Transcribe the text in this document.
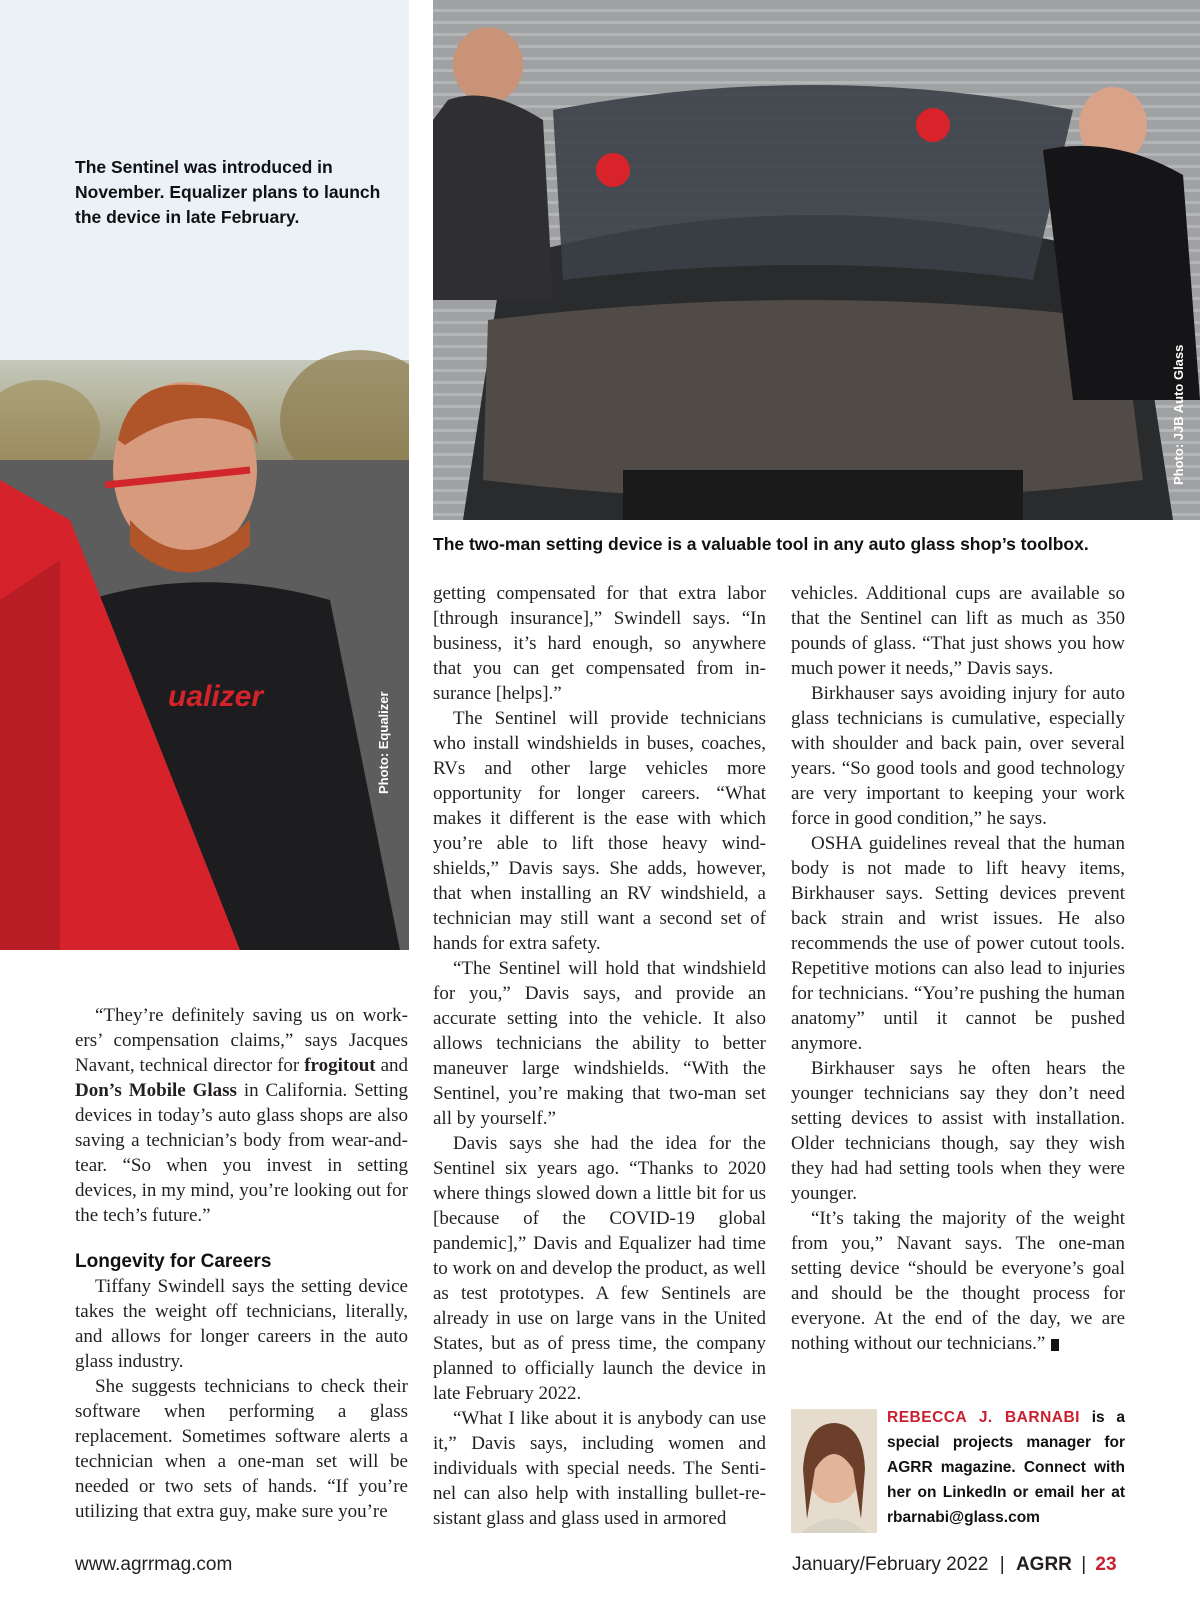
ualizer	Photo: Equalizer
The Sentinel was introduced in November. Equalizer plans to launch the device in late February.
Photo: JJB Auto Glass
The two-man setting device is a valuable tool in any auto glass shop’s toolbox.

“They’re definitely saving us on workers’ compensation claims,” says Jacques Navant, technical director for frogitout and Don’s Mobile Glass in California. Setting devices in today’s auto glass shops are also saving a technician’s body from wear-and-tear. “So when you invest in setting devices, in my mind, you’re looking out for the tech’s future.”

Longevity for Careers

Tiffany Swindell says the setting device takes the weight off technicians, literally, and allows for longer careers in the auto glass industry.

She suggests technicians to check their software when performing a glass replacement. Sometimes software alerts a technician when a one-man set will be needed or two sets of hands. “If you’re utilizing that extra guy, make sure you’re

getting compensated for that extra labor [through insurance],” Swindell says. “In business, it’s hard enough, so anywhere that you can get compensated from insurance [helps].”

The Sentinel will provide technicians who install windshields in buses, coaches, RVs and other large vehicles more opportunity for longer careers. “What makes it different is the ease with which you’re able to lift those heavy windshields,” Davis says. She adds, however, that when installing an RV windshield, a technician may still want a second set of hands for extra safety.

“The Sentinel will hold that windshield for you,” Davis says, and provide an accurate setting into the vehicle. It also allows technicians the ability to better maneuver large windshields. “With the Sentinel, you’re making that two-man set all by yourself.”

Davis says she had the idea for the Sentinel six years ago. “Thanks to 2020 where things slowed down a little bit for us [because of the COVID-19 global pandemic],” Davis and Equalizer had time to work on and develop the product, as well as test prototypes. A few Sentinels are already in use on large vans in the United States, but as of press time, the company planned to officially launch the device in late February 2022.

“What I like about it is anybody can use it,” Davis says, including women and individuals with special needs. The Sentinel can also help with installing bullet-resistant glass and glass used in armored

vehicles. Additional cups are available so that the Sentinel can lift as much as 350 pounds of glass. “That just shows you how much power it needs,” Davis says.

Birkhauser says avoiding injury for auto glass technicians is cumulative, especially with shoulder and back pain, over several years. “So good tools and good technology are very important to keeping your work force in good condition,” he says.

OSHA guidelines reveal that the human body is not made to lift heavy items, Birkhauser says. Setting devices prevent back strain and wrist issues. He also recommends the use of power cutout tools. Repetitive motions can also lead to injuries for technicians. “You’re pushing the human anatomy” until it cannot be pushed anymore.

Birkhauser says he often hears the younger technicians say they don’t need setting devices to assist with installation. Older technicians though, say they wish they had had setting tools when they were younger.

“It’s taking the majority of the weight from you,” Navant says. The one-man setting device “should be everyone’s goal and should be the thought process for everyone. At the end of the day, we are nothing without our technicians.”

REBECCA J. BARNABI is a special projects manager for AGRR magazine. Connect with her on LinkedIn or email her at rbarnabi@glass.com
www.agrrmag.com	January/February 2022 | AGRR | 23
